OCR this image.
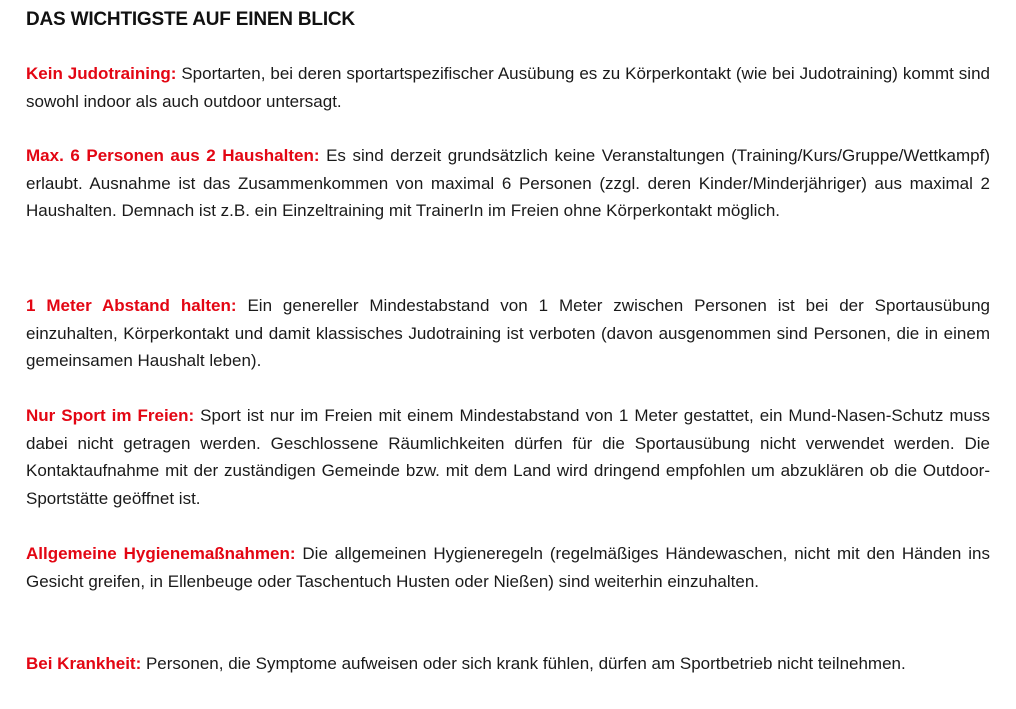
DAS WICHTIGSTE AUF EINEN BLICK

Kein Judotraining: Sportarten, bei deren sportartspezifischer Ausübung es zu Körperkontakt (wie bei Judotraining) kommt sind sowohl indoor als auch outdoor untersagt.

Max. 6 Personen aus 2 Haushalten: Es sind derzeit grundsätzlich keine Veranstaltungen (Training/Kurs/Gruppe/Wettkampf) erlaubt. Ausnahme ist das Zusammenkommen von maximal 6 Personen (zzgl. deren Kinder/Minderjähriger) aus maximal 2 Haushalten. Demnach ist z.B. ein Einzeltraining mit TrainerIn im Freien ohne Körperkontakt möglich.

1 Meter Abstand halten: Ein genereller Mindestabstand von 1 Meter zwischen Personen ist bei der Sportausübung einzuhalten, Körperkontakt und damit klassisches Judotraining ist verboten (davon ausgenommen sind Personen, die in einem gemeinsamen Haushalt leben).

Nur Sport im Freien: Sport ist nur im Freien mit einem Mindestabstand von 1 Meter gestattet, ein Mund-Nasen-Schutz muss dabei nicht getragen werden. Geschlossene Räumlichkeiten dürfen für die Sportausübung nicht verwendet werden. Die Kontaktaufnahme mit der zuständigen Gemeinde bzw. mit dem Land wird dringend empfohlen um abzuklären ob die Outdoor-Sportstätte geöffnet ist.

Allgemeine Hygienemaßnahmen: Die allgemeinen Hygieneregeln (regelmäßiges Händewaschen, nicht mit den Händen ins Gesicht greifen, in Ellenbeuge oder Taschentuch Husten oder Nießen) sind weiterhin einzuhalten.

Bei Krankheit: Personen, die Symptome aufweisen oder sich krank fühlen, dürfen am Sportbetrieb nicht teilnehmen.
